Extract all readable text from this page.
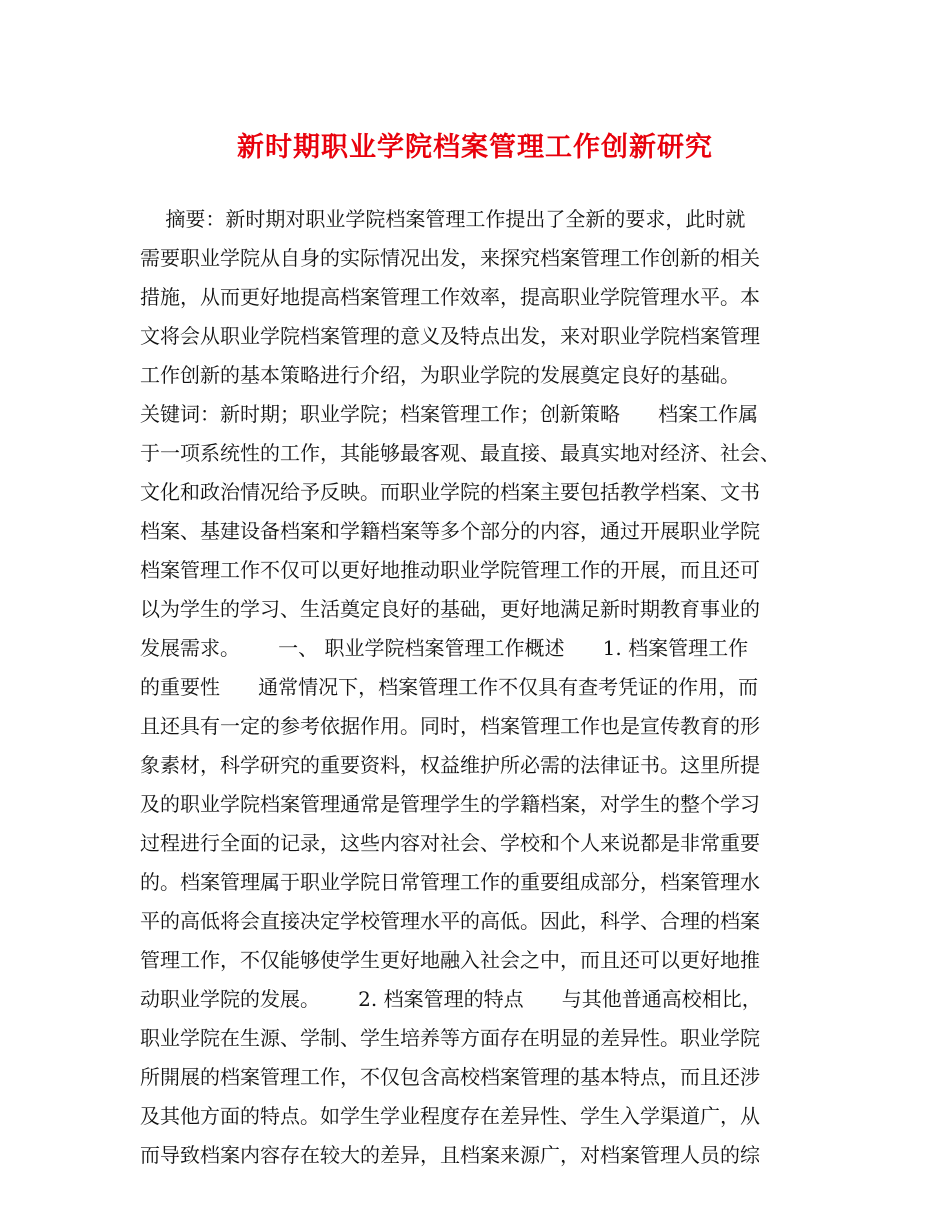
新时期职业学院档案管理工作创新研究
摘要：新时期对职业学院档案管理工作提出了全新的要求，此时就
需要职业学院从自身的实际情况出发，来探究档案管理工作创新的相关
措施，从而更好地提高档案管理工作效率，提高职业学院管理水平。本
文将会从职业学院档案管理的意义及特点出发，来对职业学院档案管理
工作创新的基本策略进行介绍，为职业学院的发展奠定良好的基础。
关键词：新时期；职业学院；档案管理工作；创新策略      档案工作属
于一项系统性的工作，其能够最客观、最直接、最真实地对经济、社会、
文化和政治情况给予反映。而职业学院的档案主要包括教学档案、文书
档案、基建设备档案和学籍档案等多个部分的内容，通过开展职业学院
档案管理工作不仅可以更好地推动职业学院管理工作的开展，而且还可
以为学生的学习、生活奠定良好的基础，更好地满足新时期教育事业的
发展需求。      一、 职业学院档案管理工作概述      1. 档案管理工作
的重要性      通常情况下，档案管理工作不仅具有查考凭证的作用，而
且还具有一定的参考依据作用。同时，档案管理工作也是宣传教育的形
象素材，科学研究的重要资料，权益维护所必需的法律证书。这里所提
及的职业学院档案管理通常是管理学生的学籍档案，对学生的整个学习
过程进行全面的记录，这些内容对社会、学校和个人来说都是非常重要
的。档案管理属于职业学院日常管理工作的重要组成部分，档案管理水
平的高低将会直接决定学校管理水平的高低。因此，科学、合理的档案
管理工作，不仅能够使学生更好地融入社会之中，而且还可以更好地推
动职业学院的发展。      2. 档案管理的特点      与其他普通高校相比，
职业学院在生源、学制、学生培养等方面存在明显的差异性。职业学院
所開展的档案管理工作，不仅包含高校档案管理的基本特点，而且还涉
及其他方面的特点。如学生学业程度存在差异性、学生入学渠道广，从
而导致档案内容存在较大的差异，且档案来源广，对档案管理人员的综
